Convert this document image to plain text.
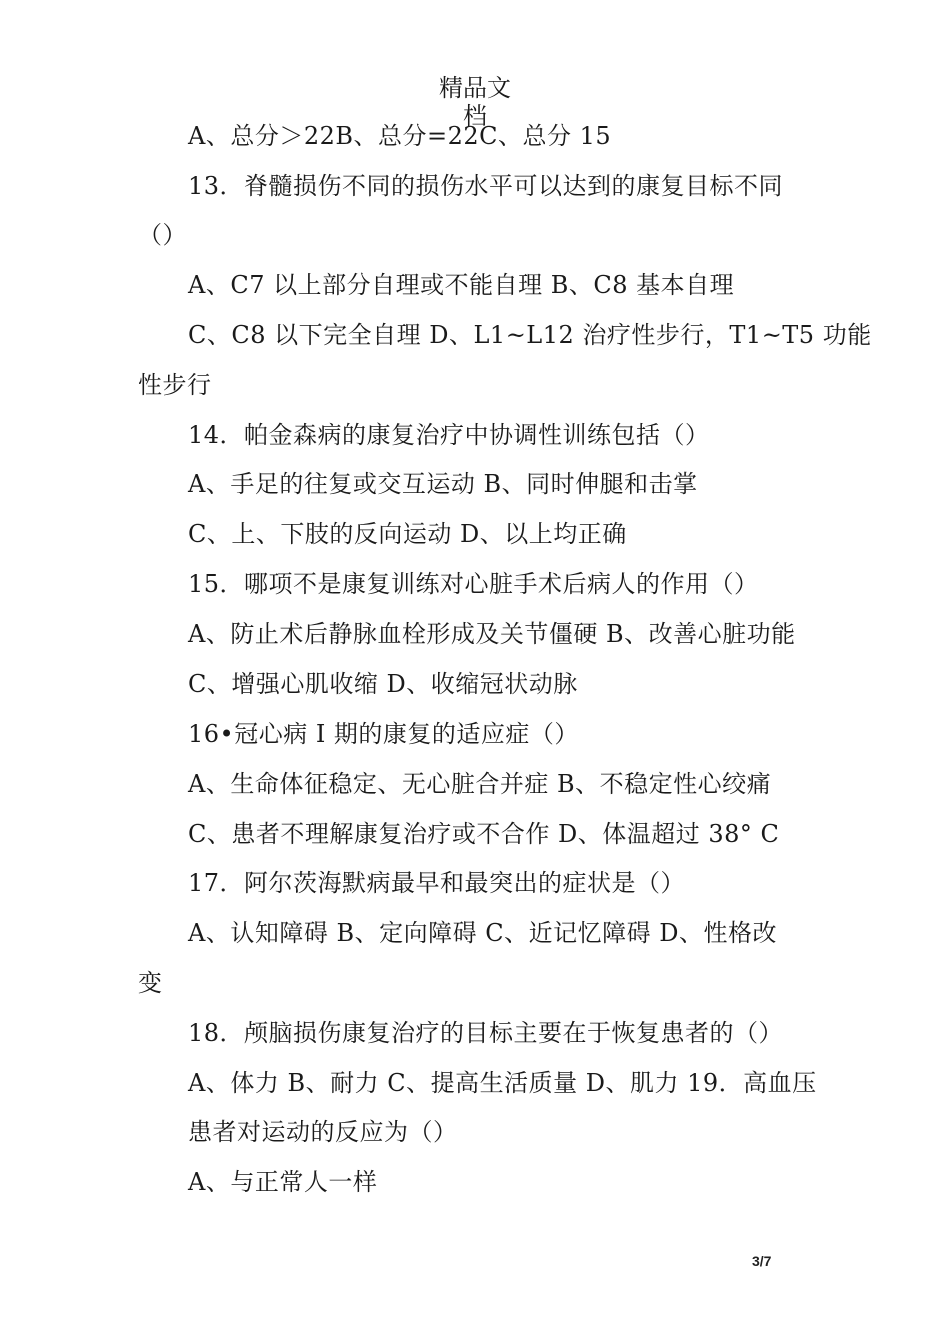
精品文
档
A、总分＞22B、总分=22C、总分 15
13．脊髓损伤不同的损伤水平可以达到的康复目标不同
（）
A、C7 以上部分自理或不能自理 B、C8 基本自理
C、C8 以下完全自理 D、L1~L12 治疗性步行，T1~T5 功能
性步行
14．帕金森病的康复治疗中协调性训练包括（）
A、手足的往复或交互运动 B、同时伸腿和击掌
C、上、下肢的反向运动 D、以上均正确
15．哪项不是康复训练对心脏手术后病人的作用（）
A、防止术后静脉血栓形成及关节僵硬 B、改善心脏功能
C、增强心肌收缩 D、收缩冠状动脉
16•冠心病 I 期的康复的适应症（）
A、生命体征稳定、无心脏合并症 B、不稳定性心绞痛
C、患者不理解康复治疗或不合作 D、体温超过 38° C
17．阿尔茨海默病最早和最突出的症状是（）
A、认知障碍 B、定向障碍 C、近记忆障碍 D、性格改
变
18．颅脑损伤康复治疗的目标主要在于恢复患者的（）
A、体力 B、耐力 C、提高生活质量 D、肌力 19．高血压
患者对运动的反应为（）
A、与正常人一样
3/7
